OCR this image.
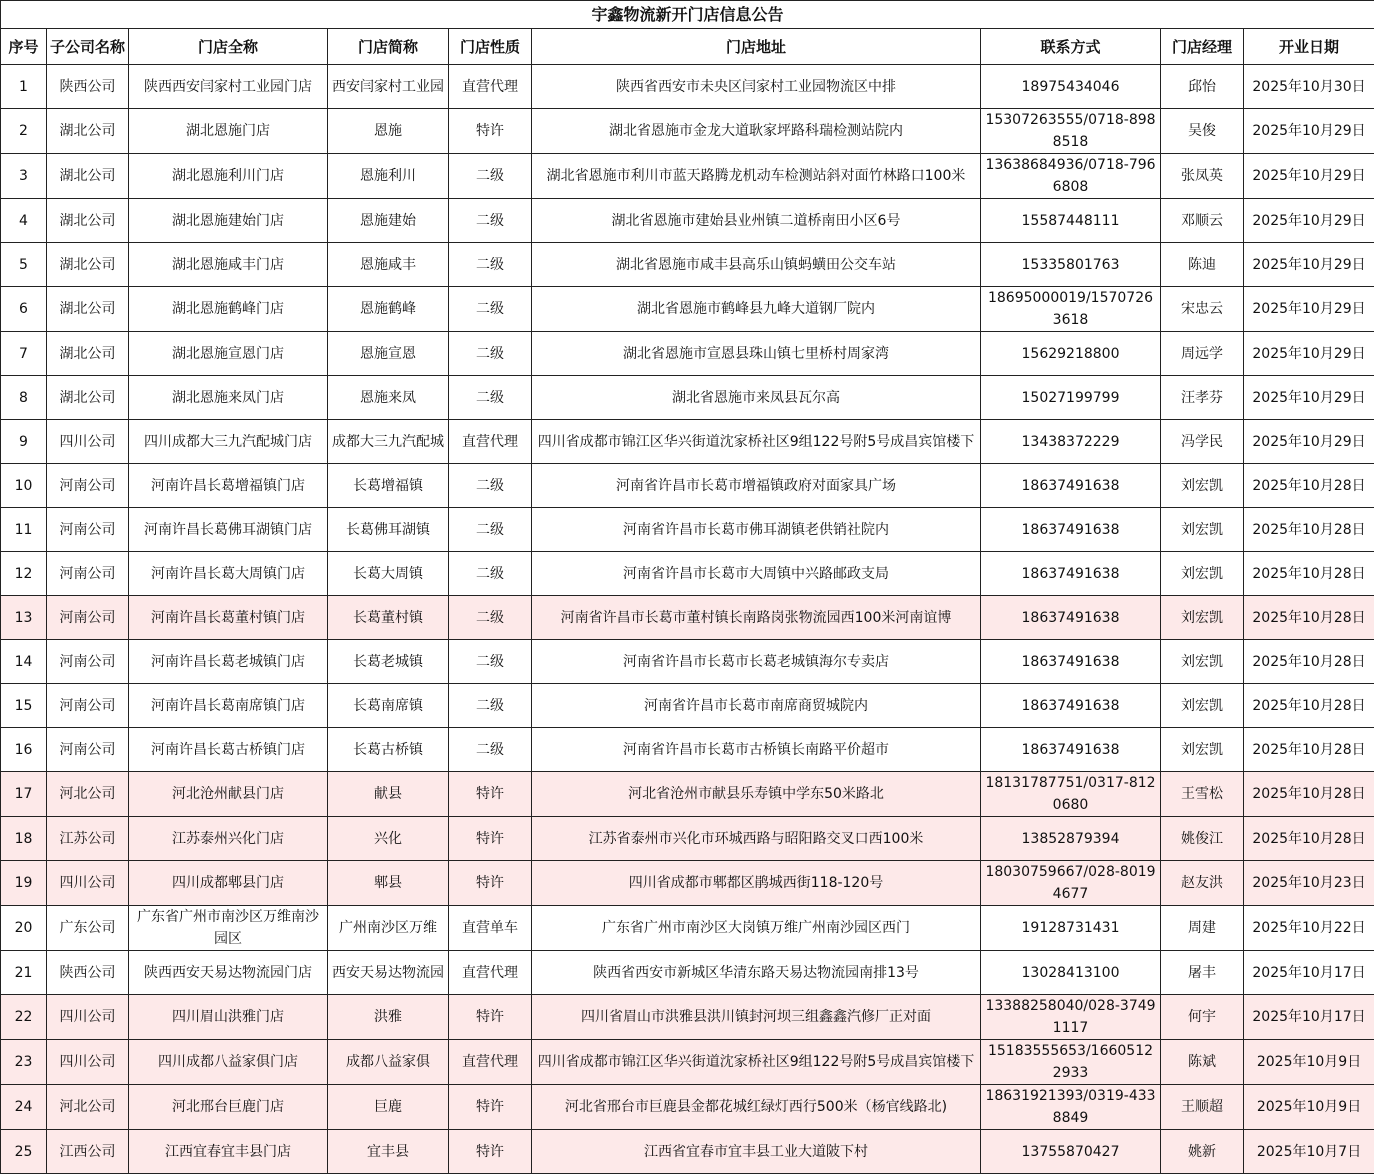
宇鑫物流新开门店信息公告								
序号	子公司名称	门店全称	门店简称	门店性质	门店地址	联系方式	门店经理	开业日期
1	陕西公司	陕西西安闫家村工业园门店	西安闫家村工业园	直营代理	陕西省西安市未央区闫家村工业园物流区中排	18975434046	邱怡	2025年10月30日
2	湖北公司	湖北恩施门店	恩施	特许	湖北省恩施市金龙大道耿家坪路科瑞检测站院内	15307263555/0718-8988518	吴俊	2025年10月29日
3	湖北公司	湖北恩施利川门店	恩施利川	二级	湖北省恩施市利川市蓝天路腾龙机动车检测站斜对面竹林路口100米	13638684936/0718-7966808	张凤英	2025年10月29日
4	湖北公司	湖北恩施建始门店	恩施建始	二级	湖北省恩施市建始县业州镇二道桥南田小区6号	15587448111	邓顺云	2025年10月29日
5	湖北公司	湖北恩施咸丰门店	恩施咸丰	二级	湖北省恩施市咸丰县高乐山镇蚂蟥田公交车站	15335801763	陈迪	2025年10月29日
6	湖北公司	湖北恩施鹤峰门店	恩施鹤峰	二级	湖北省恩施市鹤峰县九峰大道钢厂院内	18695000019/15707263618	宋忠云	2025年10月29日
7	湖北公司	湖北恩施宣恩门店	恩施宣恩	二级	湖北省恩施市宣恩县珠山镇七里桥村周家湾	15629218800	周远学	2025年10月29日
8	湖北公司	湖北恩施来凤门店	恩施来凤	二级	湖北省恩施市来凤县瓦尔高	15027199799	汪孝芬	2025年10月29日
9	四川公司	四川成都大三九汽配城门店	成都大三九汽配城	直营代理	四川省成都市锦江区华兴街道沈家桥社区9组122号附5号成昌宾馆楼下	13438372229	冯学民	2025年10月29日
10	河南公司	河南许昌长葛增福镇门店	长葛增福镇	二级	河南省许昌市长葛市增福镇政府对面家具广场	18637491638	刘宏凯	2025年10月28日
11	河南公司	河南许昌长葛佛耳湖镇门店	长葛佛耳湖镇	二级	河南省许昌市长葛市佛耳湖镇老供销社院内	18637491638	刘宏凯	2025年10月28日
12	河南公司	河南许昌长葛大周镇门店	长葛大周镇	二级	河南省许昌市长葛市大周镇中兴路邮政支局	18637491638	刘宏凯	2025年10月28日
13	河南公司	河南许昌长葛董村镇门店	长葛董村镇	二级	河南省许昌市长葛市董村镇长南路岗张物流园西100米河南谊博	18637491638	刘宏凯	2025年10月28日
14	河南公司	河南许昌长葛老城镇门店	长葛老城镇	二级	河南省许昌市长葛市长葛老城镇海尔专卖店	18637491638	刘宏凯	2025年10月28日
15	河南公司	河南许昌长葛南席镇门店	长葛南席镇	二级	河南省许昌市长葛市南席商贸城院内	18637491638	刘宏凯	2025年10月28日
16	河南公司	河南许昌长葛古桥镇门店	长葛古桥镇	二级	河南省许昌市长葛市古桥镇长南路平价超市	18637491638	刘宏凯	2025年10月28日
17	河北公司	河北沧州献县门店	献县	特许	河北省沧州市献县乐寿镇中学东50米路北	18131787751/0317-8120680	王雪松	2025年10月28日
18	江苏公司	江苏泰州兴化门店	兴化	特许	江苏省泰州市兴化市环城西路与昭阳路交叉口西100米	13852879394	姚俊江	2025年10月28日
19	四川公司	四川成都郫县门店	郫县	特许	四川省成都市郫都区鹃城西街118-120号	18030759667/028-80194677	赵友洪	2025年10月23日
20	广东公司	广东省广州市南沙区万维南沙园区	广州南沙区万维	直营单车	广东省广州市南沙区大岗镇万维广州南沙园区西门	19128731431	周建	2025年10月22日
21	陕西公司	陕西西安天易达物流园门店	西安天易达物流园	直营代理	陕西省西安市新城区华清东路天易达物流园南排13号	13028413100	屠丰	2025年10月17日
22	四川公司	四川眉山洪雅门店	洪雅	特许	四川省眉山市洪雅县洪川镇封河坝三组鑫鑫汽修厂正对面	13388258040/028-37491117	何宇	2025年10月17日
23	四川公司	四川成都八益家俱门店	成都八益家俱	直营代理	四川省成都市锦江区华兴街道沈家桥社区9组122号附5号成昌宾馆楼下	15183555653/16605122933	陈斌	2025年10月9日
24	河北公司	河北邢台巨鹿门店	巨鹿	特许	河北省邢台市巨鹿县金都花城红绿灯西行500米（杨官线路北)	18631921393/0319-4338849	王顺超	2025年10月9日
25	江西公司	江西宜春宜丰县门店	宜丰县	特许	江西省宜春市宜丰县工业大道陂下村	13755870427	姚新	2025年10月7日
